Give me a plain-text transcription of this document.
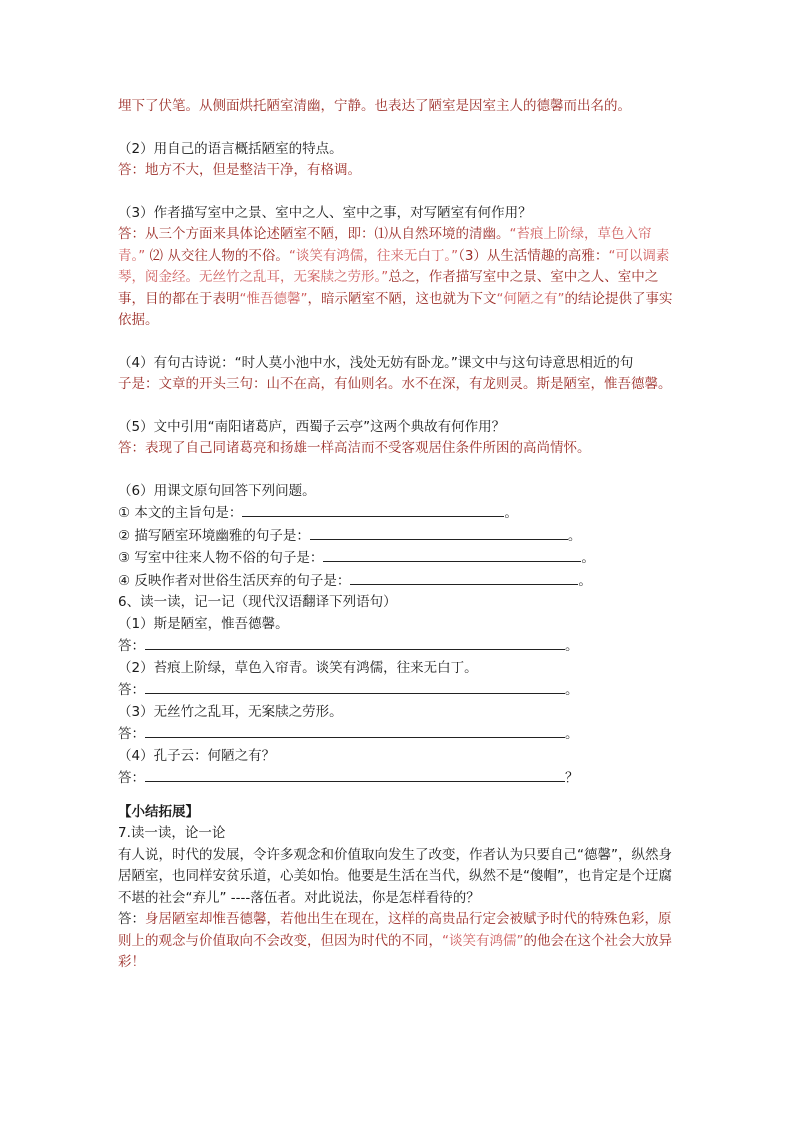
埋下了伏笔。从侧面烘托陋室清幽，宁静。也表达了陋室是因室主人的德馨而出名的。

（2）用自己的语言概括陋室的特点。

答：地方不大，但是整洁干净，有格调。

（3）作者描写室中之景、室中之人、室中之事，对写陋室有何作用？

答：从三个方面来具体论述陋室不陋，即：⑴从自然环境的清幽。“苔痕上阶绿，草色入帘青。” ⑵ 从交往人物的不俗。“谈笑有鸿儒，往来无白丁。”（3）从生活情趣的高雅：“可以调素琴，阅金经。无丝竹之乱耳，无案牍之劳形。”总之，作者描写室中之景、室中之人、室中之事，目的都在于表明“惟吾德馨”，暗示陋室不陋，这也就为下文“何陋之有”的结论提供了事实依据。

（4）有句古诗说：“时人莫小池中水，浅处无妨有卧龙。”课文中与这句诗意思相近的句

子是：文章的开头三句：山不在高，有仙则名。水不在深，有龙则灵。斯是陋室，惟吾德馨。

（5）文中引用“南阳诸葛庐，西蜀子云亭”这两个典故有何作用？

答：表现了自己同诸葛亮和扬雄一样高洁而不受客观居住条件所困的高尚情怀。

（6）用课文原句回答下列问题。

① 本文的主旨句是：	。

② 描写陋室环境幽雅的句子是：	。

③ 写室中往来人物不俗的句子是：	。

④ 反映作者对世俗生活厌弃的句子是：	。

6、读一读，记一记（现代汉语翻译下列语句）

（1）斯是陋室，惟吾德馨。

答：	。

（2）苔痕上阶绿，草色入帘青。谈笑有鸿儒，往来无白丁。

答：	。

（3）无丝竹之乱耳，无案牍之劳形。

答：	。

（4）孔子云：何陋之有？

答：	？

【小结拓展】

7.读一读，论一论

有人说，时代的发展，令许多观念和价值取向发生了改变，作者认为只要自己“德馨”，纵然身居陋室，也同样安贫乐道，心美如怡。他要是生活在当代，纵然不是“傻帽”，也肯定是个迂腐不堪的社会“弃儿” ----落伍者。对此说法，你是怎样看待的？

答：身居陋室却惟吾德馨，若他出生在现在，这样的高贵品行定会被赋予时代的特殊色彩，原则上的观念与价值取向不会改变，但因为时代的不同，“谈笑有鸿儒”的他会在这个社会大放异彩！
